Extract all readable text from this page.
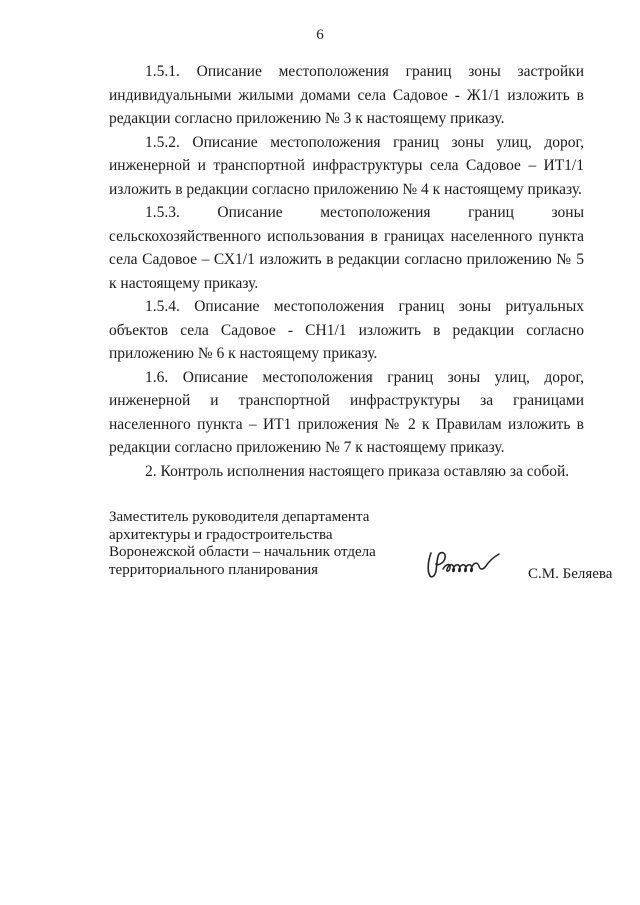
6

1.5.1. Описание местоположения границ зоны застройки индивидуальными жилыми домами села Садовое - Ж1/1 изложить в редакции согласно приложению № 3 к настоящему приказу.

1.5.2. Описание местоположения границ зоны улиц, дорог, инженерной и транспортной инфраструктуры села Садовое – ИТ1/1 изложить в редакции согласно приложению № 4 к настоящему приказу.

1.5.3. Описание местоположения границ зоны сельскохозяйственного использования в границах населенного пункта села Садовое – СХ1/1 изложить в редакции согласно приложению № 5 к настоящему приказу.

1.5.4. Описание местоположения границ зоны ритуальных объектов села Садовое - СН1/1 изложить в редакции согласно приложению № 6 к настоящему приказу.

1.6. Описание местоположения границ зоны улиц, дорог, инженерной и транспортной инфраструктуры за границами населенного пункта – ИТ1 приложения № 2 к Правилам изложить в редакции согласно приложению № 7 к настоящему приказу.

2. Контроль исполнения настоящего приказа оставляю за собой.

Заместитель руководителя департамента
архитектуры и градостроительства
Воронежской области – начальник отдела
территориального планирования	С.М. Беляева
